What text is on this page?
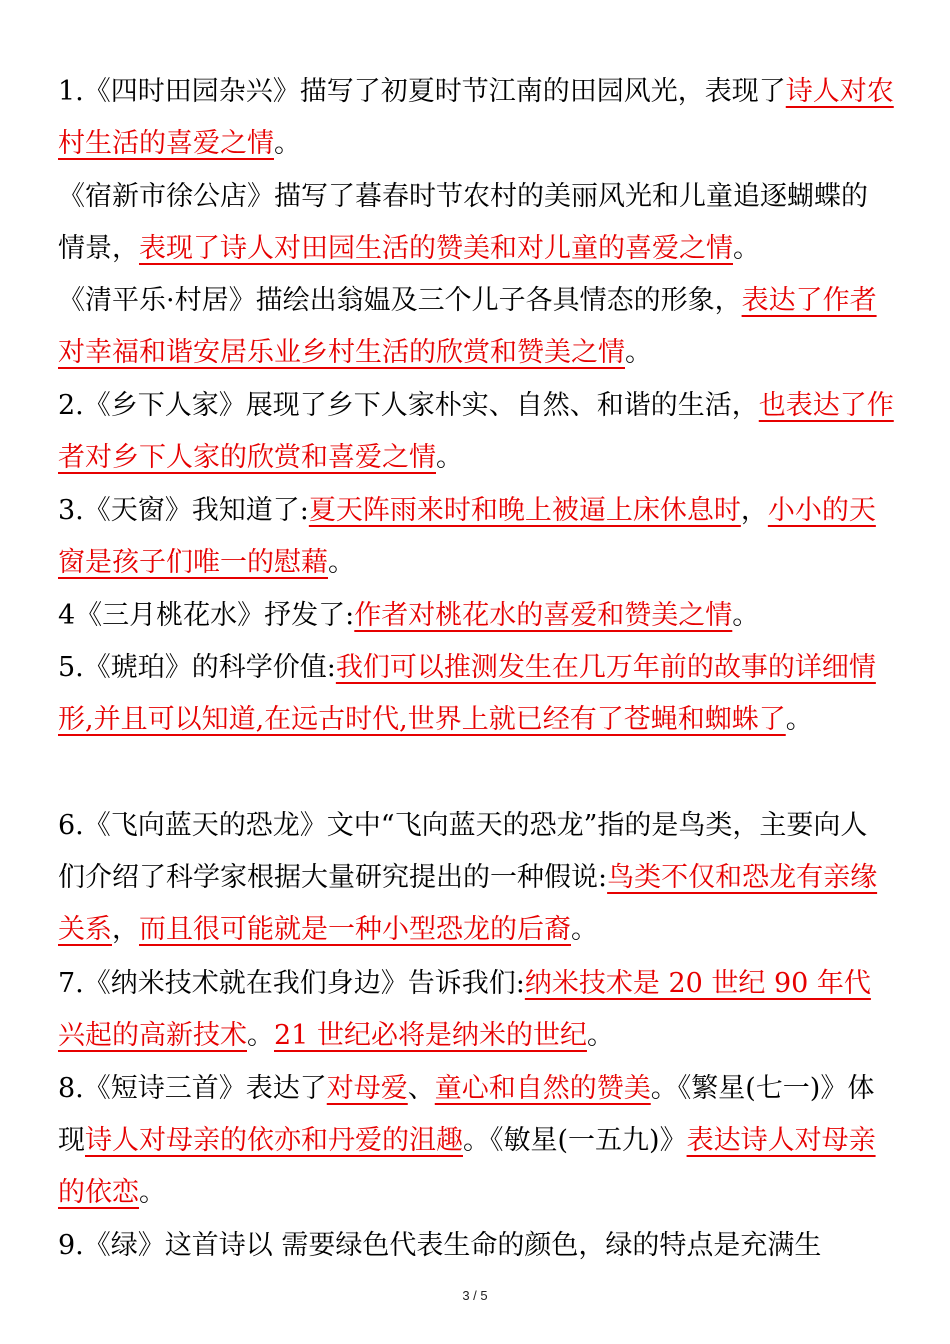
1.《四时田园杂兴》描写了初夏时节江南的田园风光，表现了诗人对农村生活的喜爱之情。
《宿新市徐公店》描写了暮春时节农村的美丽风光和儿童追逐蝴蝶的情景，表现了诗人对田园生活的赞美和对儿童的喜爱之情。
《清平乐·村居》描绘出翁媪及三个儿子各具情态的形象，表达了作者对幸福和谐安居乐业乡村生活的欣赏和赞美之情。
2.《乡下人家》展现了乡下人家朴实、自然、和谐的生活，也表达了作者对乡下人家的欣赏和喜爱之情。
3.《天窗》我知道了:夏天阵雨来时和晚上被逼上床休息时，小小的天窗是孩子们唯一的慰藉。
4《三月桃花水》抒发了:作者对桃花水的喜爱和赞美之情。
5.《琥珀》的科学价值:我们可以推测发生在几万年前的故事的详细情形,并且可以知道,在远古时代,世界上就已经有了苍蝇和蜘蛛了。
6.《飞向蓝天的恐龙》文中“飞向蓝天的恐龙”指的是鸟类，主要向人们介绍了科学家根据大量研究提出的一种假说:鸟类不仅和恐龙有亲缘关系，而且很可能就是一种小型恐龙的后裔。
7.《纳米技术就在我们身边》告诉我们:纳米技术是 20 世纪 90 年代兴起的高新技术。21 世纪必将是纳米的世纪。
8.《短诗三首》表达了对母爱、童心和自然的赞美。《繁星(七一)》体现诗人对母亲的依亦和丹爱的沮趣。《敏星(一五九)》表达诗人对母亲的依恋。
9.《绿》这首诗以 需要绿色代表生命的颜色，绿的特点是充满生
3 / 5
